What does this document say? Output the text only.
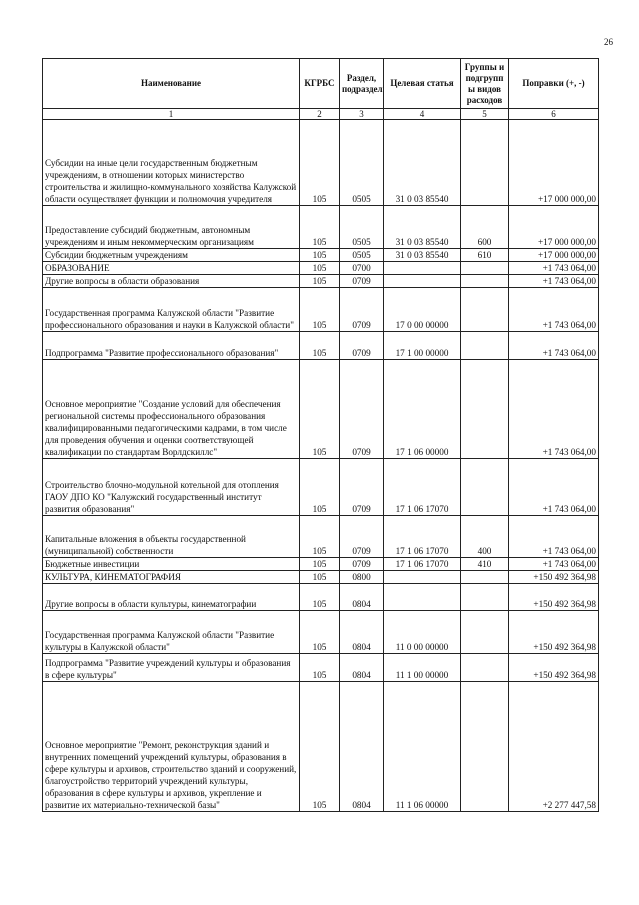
26
Наименование	КГРБС	Раздел, подраздел	Целевая статья	Группы и подгрупп ы видов расходов	Поправки (+, -)
1	2	3	4	5	6
Субсидии на иные цели государственным бюджетным учреждениям, в отношении которых министерство строительства и жилищно-коммунального хозяйства Калужской области осуществляет функции и полномочия учредителя	105	0505	31 0 03 85540		+17 000 000,00
Предоставление субсидий бюджетным, автономным учреждениям и иным некоммерческим организациям	105	0505	31 0 03 85540	600	+17 000 000,00
Субсидии бюджетным учреждениям	105	0505	31 0 03 85540	610	+17 000 000,00
ОБРАЗОВАНИЕ	105	0700			+1 743 064,00
Другие вопросы в области образования	105	0709			+1 743 064,00
Государственная программа Калужской области "Развитие профессионального образования и науки в Калужской области"	105	0709	17 0 00 00000		+1 743 064,00
Подпрограмма "Развитие профессионального образования"	105	0709	17 1 00 00000		+1 743 064,00
Основное мероприятие "Создание условий для обеспечения региональной системы профессионального образования квалифицированными педагогическими кадрами, в том числе для проведения обучения и оценки соответствующей квалификации по стандартам Ворлдскиллс"	105	0709	17 1 06 00000		+1 743 064,00
Строительство блочно-модульной котельной для отопления ГАОУ ДПО КО "Калужский государственный институт развития образования"	105	0709	17 1 06 17070		+1 743 064,00
Капитальные вложения в объекты государственной (муниципальной) собственности	105	0709	17 1 06 17070	400	+1 743 064,00
Бюджетные инвестиции	105	0709	17 1 06 17070	410	+1 743 064,00
КУЛЬТУРА, КИНЕМАТОГРАФИЯ	105	0800			+150 492 364,98
Другие вопросы в области культуры, кинематографии	105	0804			+150 492 364,98
Государственная программа Калужской области "Развитие культуры в Калужской области"	105	0804	11 0 00 00000		+150 492 364,98
Подпрограмма "Развитие учреждений культуры и образования в сфере культуры"	105	0804	11 1 00 00000		+150 492 364,98
Основное мероприятие "Ремонт, реконструкция зданий и внутренних помещений учреждений культуры, образования в сфере культуры и архивов, строительство зданий и сооружений, благоустройство территорий учреждений культуры, образования в сфере культуры и архивов, укрепление и развитие их материально-технической базы"	105	0804	11 1 06 00000		+2 277 447,58
